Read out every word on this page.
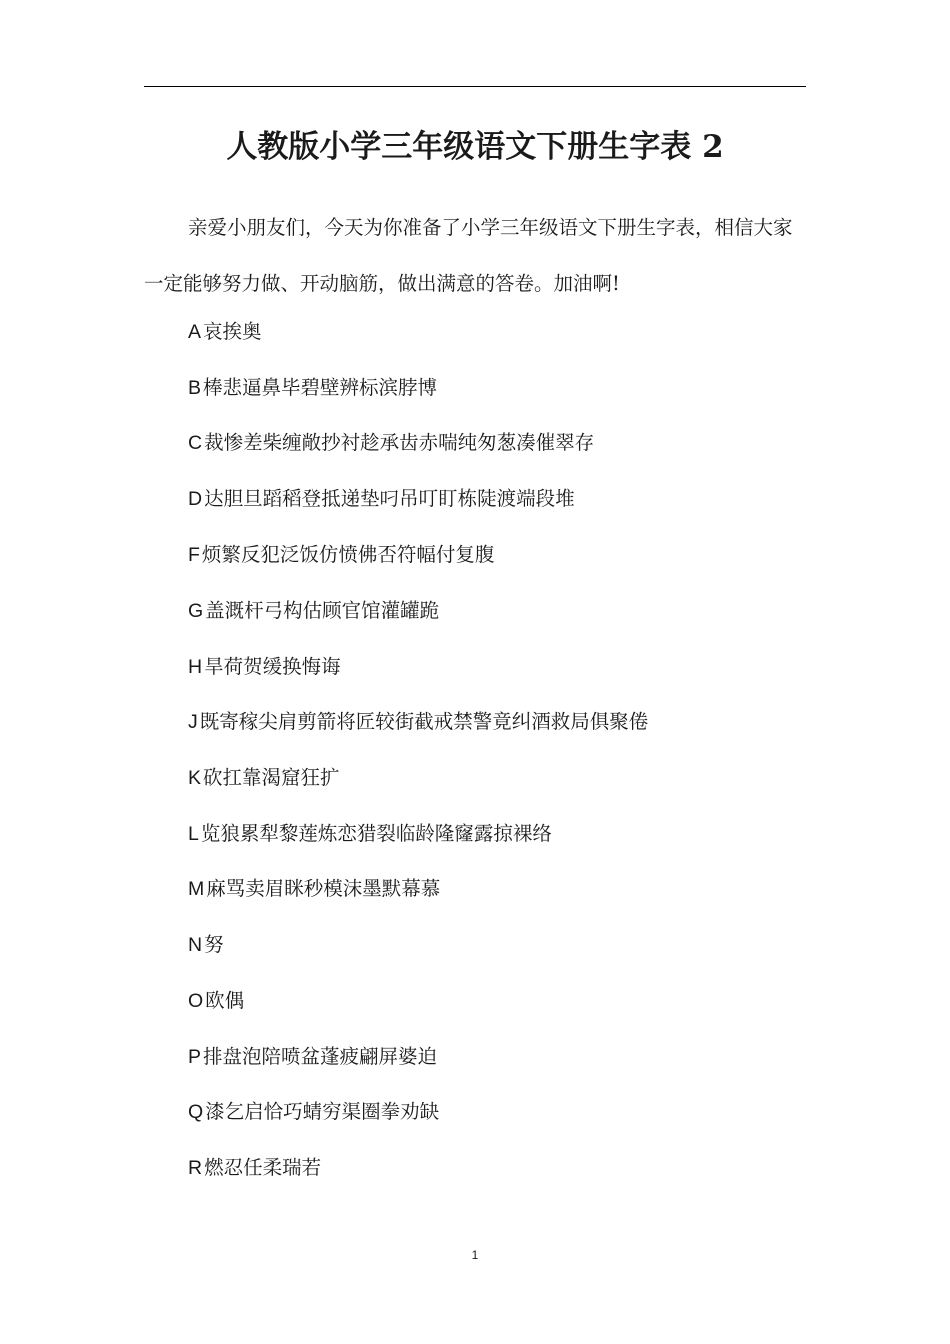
人教版小学三年级语文下册生字表 2

亲爱小朋友们，今天为你准备了小学三年级语文下册生字表，相信大家一定能够努力做、开动脑筋，做出满意的答卷。加油啊!

A 哀挨奥
B 棒悲逼鼻毕碧壁辨标滨脖博
C 裁惨差柴缠敞抄衬趁承齿赤喘纯匆葱凑催翠存
D 达胆旦蹈稻登抵递垫叼吊叮盯栋陡渡端段堆
F 烦繁反犯泛饭仿愤佛否符幅付复腹
G 盖溉杆弓构估顾官馆灌罐跪
H 旱荷贺缓换悔诲
J 既寄稼尖肩剪箭将匠较街截戒禁警竟纠酒救局俱聚倦
K 砍扛靠渴窟狂扩
L 览狼累犁黎莲炼恋猎裂临龄隆窿露掠裸络
M 麻骂卖眉眯秒模沫墨默幕慕
N 努
O 欧偶
P 排盘泡陪喷盆蓬疲翩屏婆迫
Q 漆乞启恰巧蜻穷渠圈拳劝缺
R 燃忍任柔瑞若
1
